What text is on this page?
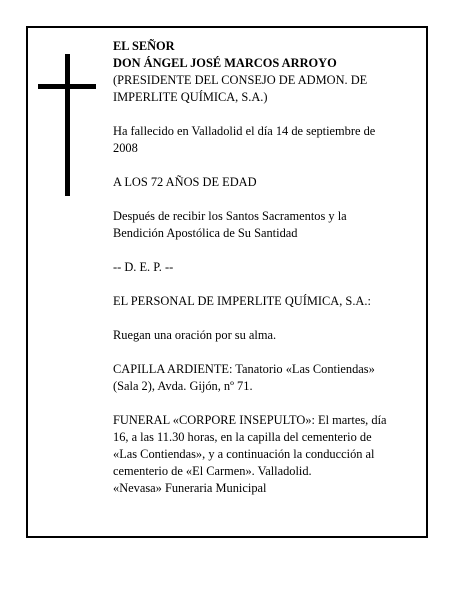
EL SEÑOR
DON ÁNGEL JOSÉ MARCOS ARROYO

(PRESIDENTE DEL CONSEJO DE ADMON. DE
IMPERLITE QUÍMICA, S.A.)

Ha fallecido en Valladolid el día 14 de septiembre de
2008

A LOS 72 AÑOS DE EDAD

Después de recibir los Santos Sacramentos y la
Bendición Apostólica de Su Santidad

-- D. E. P. --

EL PERSONAL DE IMPERLITE QUÍMICA, S.A.:

Ruegan una oración por su alma.

CAPILLA ARDIENTE: Tanatorio «Las Contiendas»
(Sala 2), Avda. Gijón, nº 71.

FUNERAL «CORPORE INSEPULTO»: El martes, día
16, a las 11.30 horas, en la capilla del cementerio de
«Las Contiendas», y a continuación la conducción al
cementerio de «El Carmen». Valladolid.
«Nevasa» Funeraria Municipal
